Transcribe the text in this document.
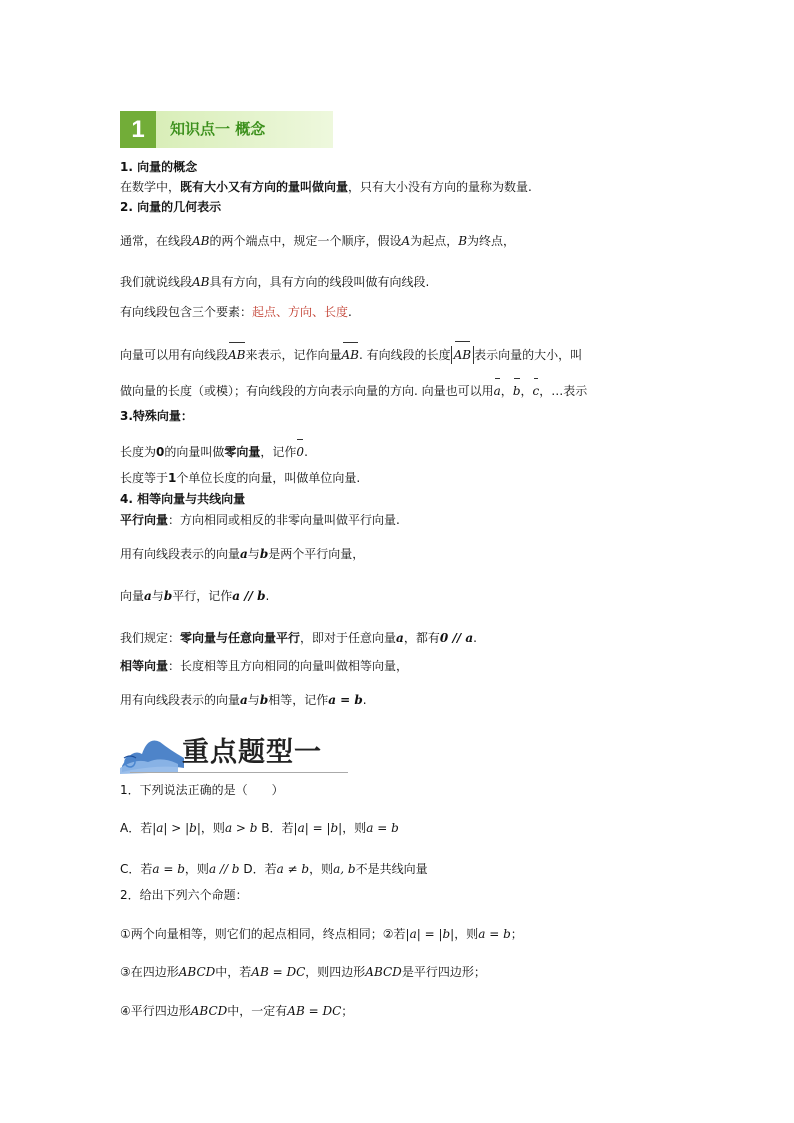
1	知识点一 概念
1. 向量的概念
在数学中，既有大小又有方向的量叫做向量，只有大小没有方向的量称为数量.
2. 向量的几何表示
通常，在线段AB的两个端点中，规定一个顺序，假设A为起点，B为终点，
我们就说线段AB具有方向，具有方向的线段叫做有向线段.
有向线段包含三个要素：起点、方向、长度.
向量可以用有向线段AB来表示，记作向量AB. 有向线段的长度 AB 表示向量的大小，叫
做向量的长度（或模）；有向线段的方向表示向量的方向. 向量也可以用a，b，c，…表示
3.特殊向量：
长度为0的向量叫做零向量，记作0.
长度等于1个单位长度的向量，叫做单位向量.
4. 相等向量与共线向量
平行向量：方向相同或相反的非零向量叫做平行向量.
用有向线段表示的向量a与b是两个平行向量，
向量a与b平行，记作a // b.
我们规定：零向量与任意向量平行，即对于任意向量a，都有0 // a.
相等向量：长度相等且方向相同的向量叫做相等向量，
用有向线段表示的向量a与b相等，记作a = b.
重点题型一
1．下列说法正确的是（　　）
A．若|a| > |b|，则a > b B．若|a| = |b|，则a = b
C．若a = b，则a // b D．若a ≠ b，则a, b不是共线向量
2．给出下列六个命题：
①两个向量相等，则它们的起点相同，终点相同；②若|a| = |b|，则a = b；
③在四边形ABCD中，若AB = DC，则四边形ABCD是平行四边形；
④平行四边形ABCD中，一定有AB = DC；
